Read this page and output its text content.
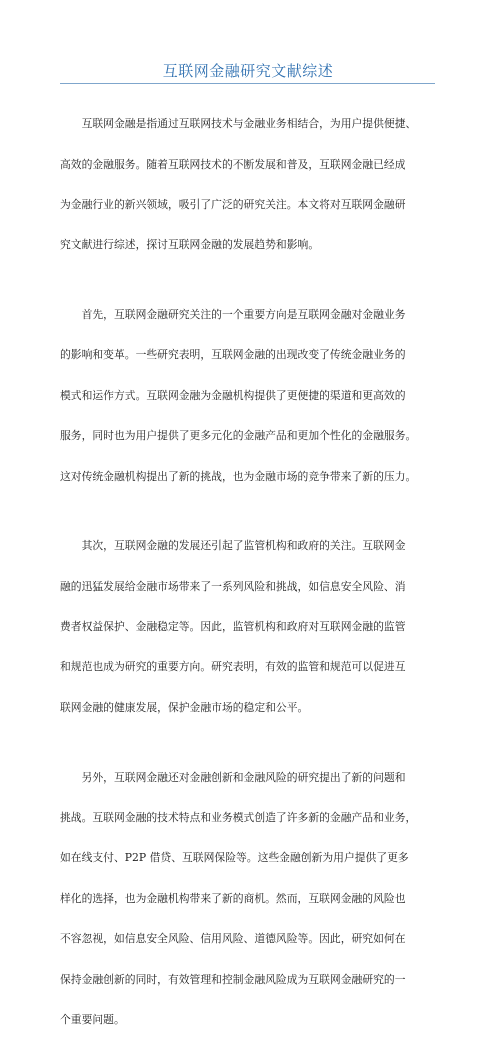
互联网金融研究文献综述

　　互联网金融是指通过互联网技术与金融业务相结合，为用户提供便捷、

高效的金融服务。随着互联网技术的不断发展和普及，互联网金融已经成

为金融行业的新兴领域，吸引了广泛的研究关注。本文将对互联网金融研

究文献进行综述，探讨互联网金融的发展趋势和影响。

　　首先，互联网金融研究关注的一个重要方向是互联网金融对金融业务

的影响和变革。一些研究表明，互联网金融的出现改变了传统金融业务的

模式和运作方式。互联网金融为金融机构提供了更便捷的渠道和更高效的

服务，同时也为用户提供了更多元化的金融产品和更加个性化的金融服务。

这对传统金融机构提出了新的挑战，也为金融市场的竞争带来了新的压力。

　　其次，互联网金融的发展还引起了监管机构和政府的关注。互联网金

融的迅猛发展给金融市场带来了一系列风险和挑战，如信息安全风险、消

费者权益保护、金融稳定等。因此，监管机构和政府对互联网金融的监管

和规范也成为研究的重要方向。研究表明，有效的监管和规范可以促进互

联网金融的健康发展，保护金融市场的稳定和公平。

　　另外，互联网金融还对金融创新和金融风险的研究提出了新的问题和

挑战。互联网金融的技术特点和业务模式创造了许多新的金融产品和业务，

如在线支付、P2P 借贷、互联网保险等。这些金融创新为用户提供了更多

样化的选择，也为金融机构带来了新的商机。然而，互联网金融的风险也

不容忽视，如信息安全风险、信用风险、道德风险等。因此，研究如何在

保持金融创新的同时，有效管理和控制金融风险成为互联网金融研究的一

个重要问题。
